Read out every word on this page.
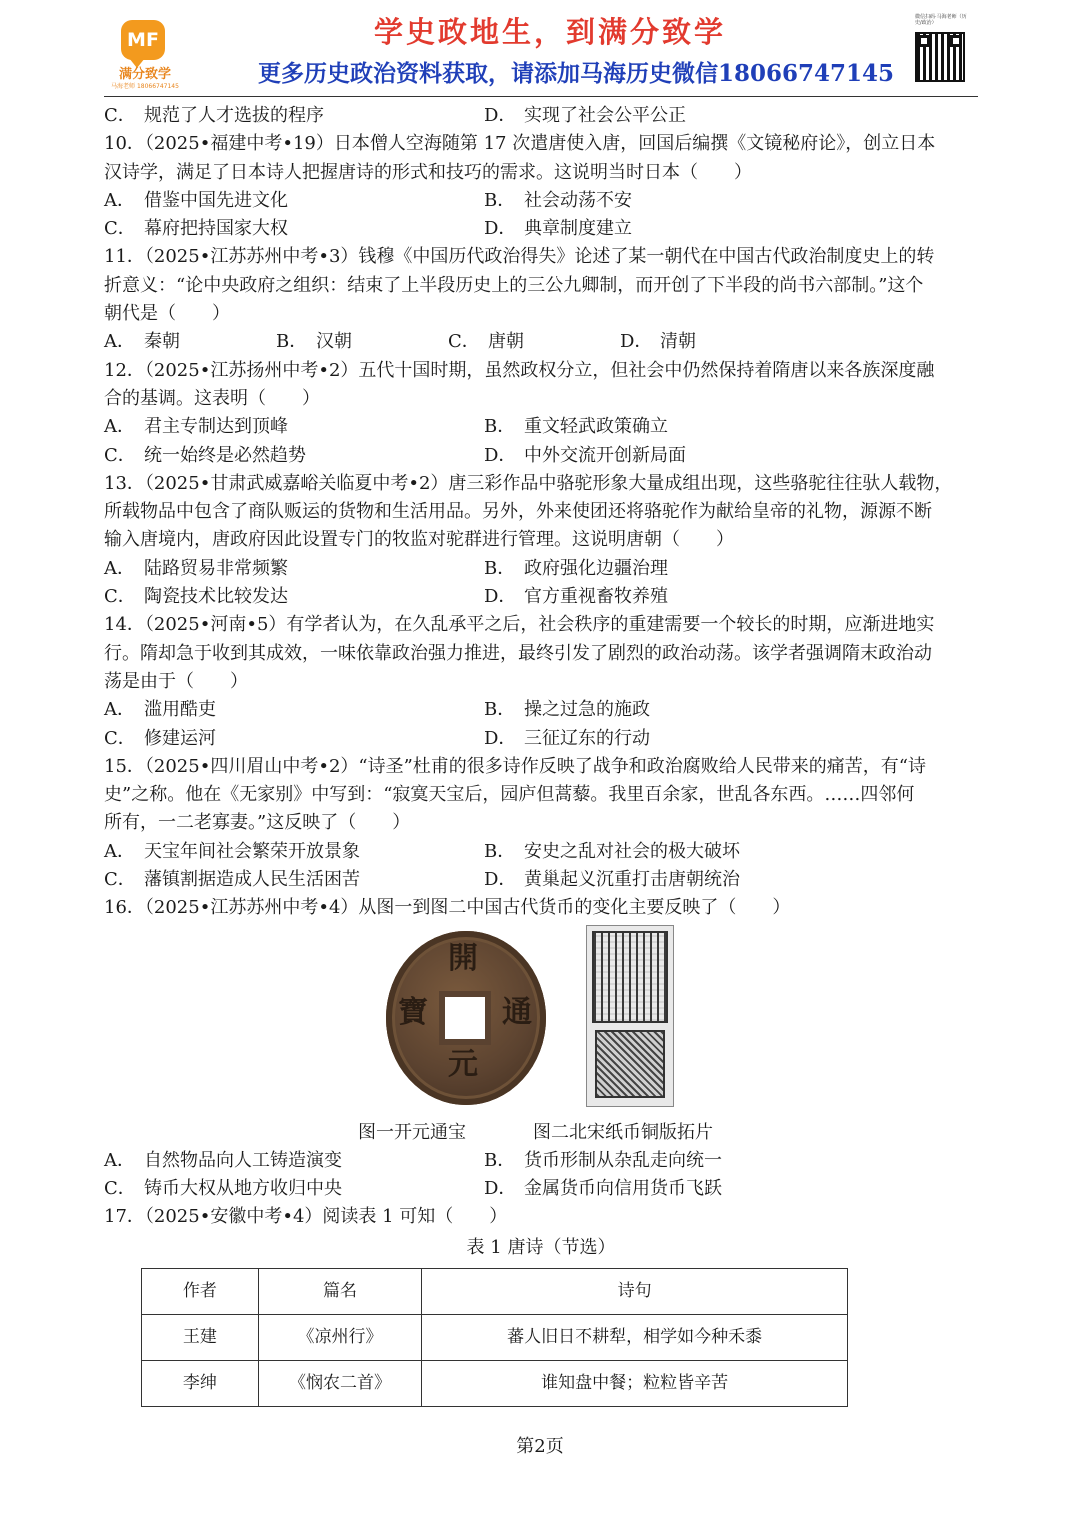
MF
满分致学
马海老师 18066747145
学史政地生，到满分致学
更多历史政治资料获取，请添加马海历史微信18066747145
微信扫码·马海老师（历史/政治）
C． 规范了人才选拔的程序	D． 实现了社会公平公正
10．（2025•福建中考•19）日本僧人空海随第 17 次遣唐使入唐，回国后编撰《文镜秘府论》，创立日本
汉诗学，满足了日本诗人把握唐诗的形式和技巧的需求。这说明当时日本（　　）
A． 借鉴中国先进文化	B． 社会动荡不安
C． 幕府把持国家大权	D． 典章制度建立
11．（2025•江苏苏州中考•3）钱穆《中国历代政治得失》论述了某一朝代在中国古代政治制度史上的转
折意义：“论中央政府之组织：结束了上半段历史上的三公九卿制，而开创了下半段的尚书六部制。”这个
朝代是（　　）
A． 秦朝	B． 汉朝	C． 唐朝	D． 清朝
12．（2025•江苏扬州中考•2）五代十国时期，虽然政权分立，但社会中仍然保持着隋唐以来各族深度融
合的基调。这表明（　　）
A． 君主专制达到顶峰	B． 重文轻武政策确立
C． 统一始终是必然趋势	D． 中外交流开创新局面
13．（2025•甘肃武威嘉峪关临夏中考•2）唐三彩作品中骆驼形象大量成组出现，这些骆驼往往驮人载物，
所载物品中包含了商队贩运的货物和生活用品。另外，外来使团还将骆驼作为献给皇帝的礼物，源源不断
输入唐境内，唐政府因此设置专门的牧监对驼群进行管理。这说明唐朝（　　）
A． 陆路贸易非常频繁	B． 政府强化边疆治理
C． 陶瓷技术比较发达	D． 官方重视畜牧养殖
14．（2025•河南•5）有学者认为，在久乱承平之后，社会秩序的重建需要一个较长的时期，应渐进地实
行。隋却急于收到其成效，一味依靠政治强力推进，最终引发了剧烈的政治动荡。该学者强调隋末政治动
荡是由于（　　）
A． 滥用酷吏	B． 操之过急的施政
C． 修建运河	D． 三征辽东的行动
15．（2025•四川眉山中考•2）“诗圣”杜甫的很多诗作反映了战争和政治腐败给人民带来的痛苦，有“诗
史”之称。他在《无家别》中写到：“寂寞天宝后，园庐但蒿藜。我里百余家，世乱各东西。……四邻何
所有，一二老寡妻。”这反映了（　　）
A． 天宝年间社会繁荣开放景象	B． 安史之乱对社会的极大破坏
C． 藩镇割据造成人民生活困苦	D． 黄巢起义沉重打击唐朝统治
16．（2025•江苏苏州中考•4）从图一到图二中国古代货币的变化主要反映了（　　）
開
通
元
寶
图一开元通宝	图二北宋纸币铜版拓片
A． 自然物品向人工铸造演变	B． 货币形制从杂乱走向统一
C． 铸币大权从地方收归中央	D． 金属货币向信用货币飞跃
17．（2025•安徽中考•4）阅读表 1 可知（　　）
表 1 唐诗（节选）
作者	篇名	诗句
王建	《凉州行》	蕃人旧日不耕犁，相学如今种禾黍
李绅	《悯农二首》	谁知盘中餐；粒粒皆辛苦
第2页
